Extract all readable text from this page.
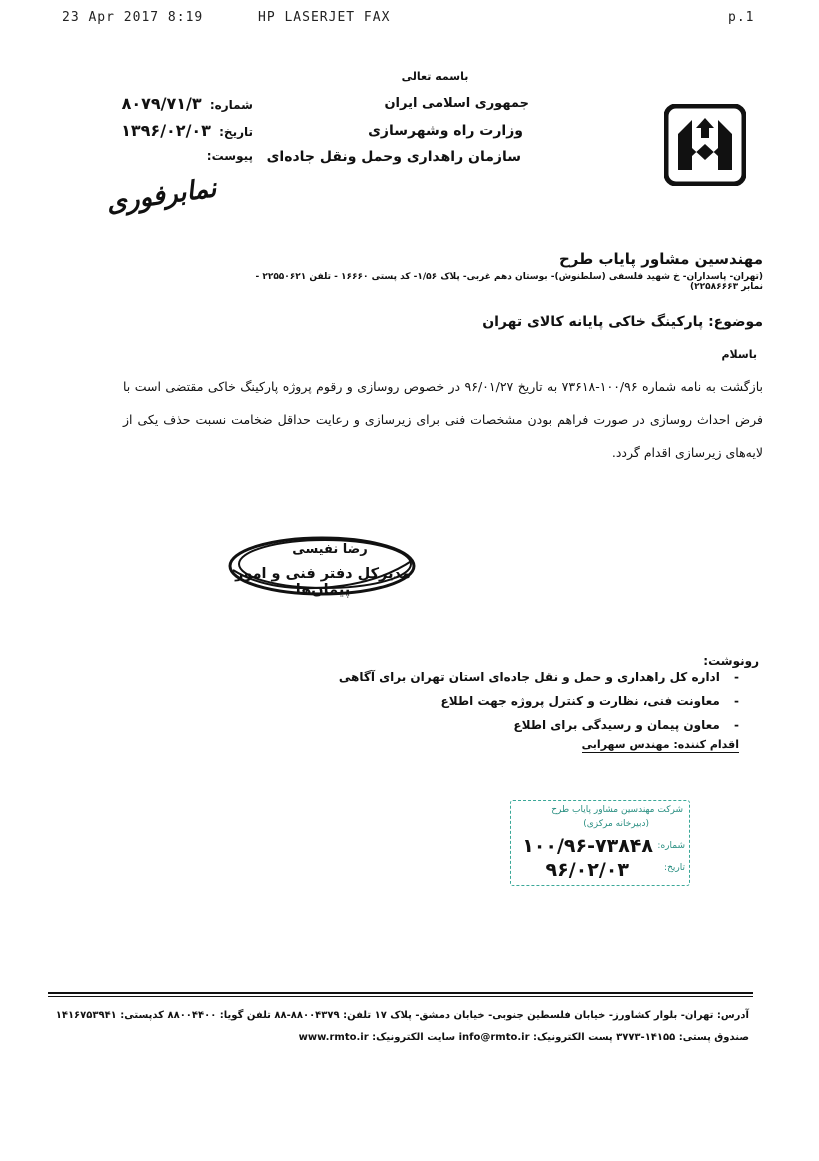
23 Apr 2017 8:19	HP LASERJET FAX	p.1
باسمه تعالی
جمهوری اسلامی ایران
وزارت راه وشهرسازی
سازمان راهداری وحمل ونقل جاده‌ای
شماره: ۸۰۷۹/۷۱/۳
تاریخ: ۱۳۹۶/۰۲/۰۳
پیوست:
نمابرفوری
مهندسین مشاور پایاب طرح
(تهران- پاسداران- خ شهید فلسفی (سلطنوش)- بوستان دهم غربی- پلاک ۱/۵۶- کد پستی ۱۶۶۶۰ - تلفن ۲۲۵۵۰۶۲۱ - نمابر ۲۲۵۸۶۶۶۳)
موضوع: پارکینگ خاکی پایانه کالای تهران
باسلام
بازگشت به نامه شماره ۱۰۰/۹۶-۷۳۶۱۸ به تاریخ ۹۶/۰۱/۲۷ در خصوص روسازی و رقوم پروژه پارکینگ خاکی مقتضی است با فرض احداث روسازی در صورت فراهم بودن مشخصات فنی برای زیرسازی و رعایت حداقل ضخامت نسبت حذف یکی از لایه‌های زیرسازی اقدام گردد.
رضا نفیسی
مدیرکل دفتر فنی و امور پیمان‌ها
رونوشت:
- اداره کل راهداری و حمل و نقل جاده‌ای استان تهران برای آگاهی
- معاونت فنی، نظارت و کنترل پروژه جهت اطلاع
- معاون پیمان و رسیدگی برای اطلاع
اقدام کننده: مهندس سهرابی
شرکت مهندسین مشاور پایاب طرح
(دبیرخانه مرکزی)
شماره:
۱۰۰/۹۶-۷۳۸۴۸
تاریخ:
۹۶/۰۲/۰۳
آدرس: تهران- بلوار کشاورز- خیابان فلسطین جنوبی- خیابان دمشق- پلاک ۱۷ تلفن: ۸۸۰۰۴۳۷۹-۸۸ تلفن گویا: ۸۸۰۰۴۴۰۰ کدپستی: ۱۴۱۶۷۵۳۹۴۱
صندوق پستی: ۱۴۱۵۵-۳۷۷۳ پست الکترونیک: info@rmto.ir سایت الکترونیک: www.rmto.ir
